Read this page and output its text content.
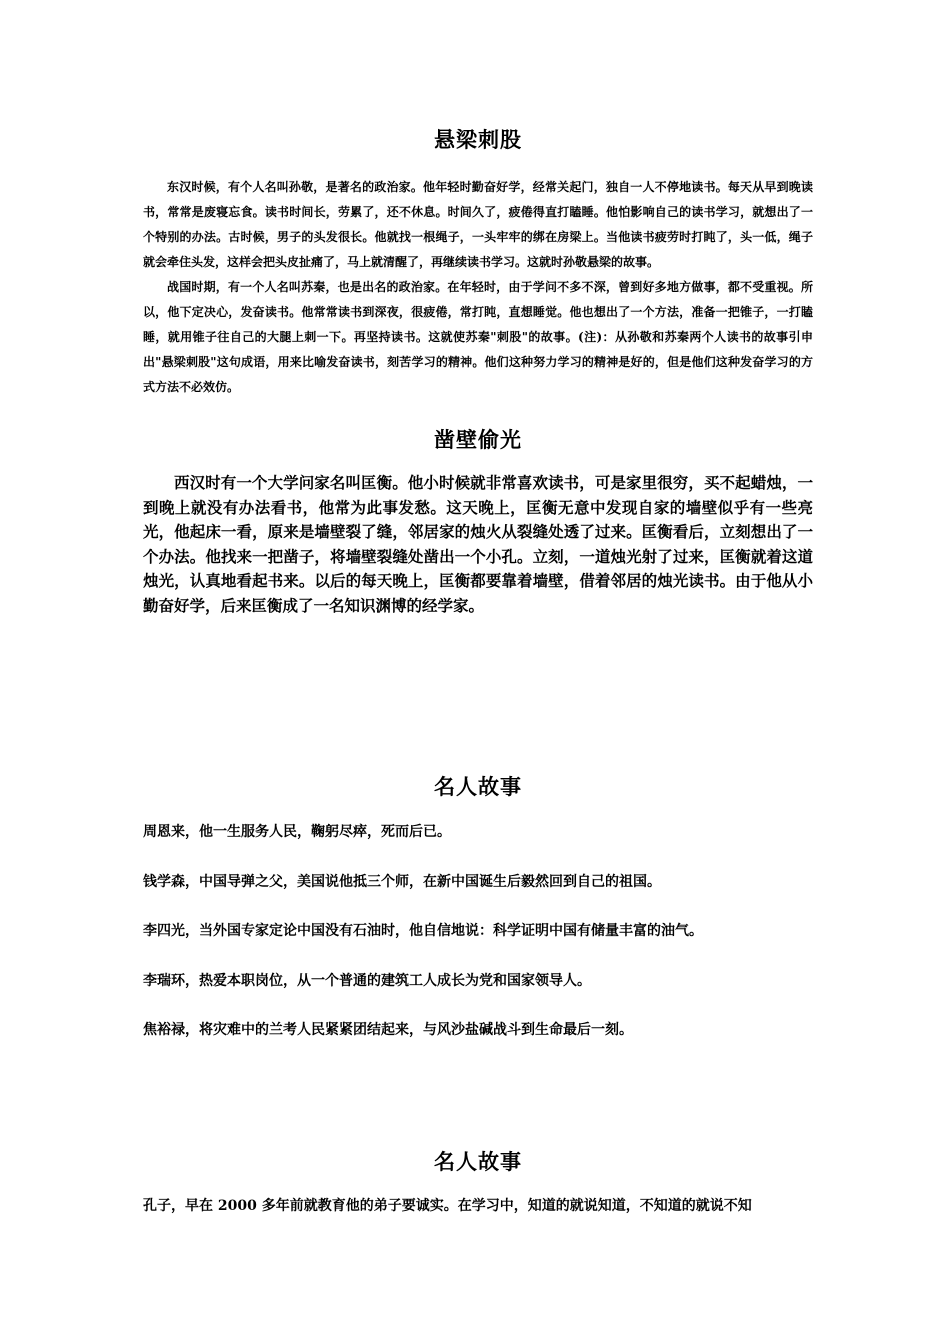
悬梁刺股

东汉时候，有个人名叫孙敬，是著名的政治家。他年轻时勤奋好学，经常关起门，独自一人不停地读书。每天从早到晚读书，常常是废寝忘食。读书时间长，劳累了，还不休息。时间久了，疲倦得直打瞌睡。他怕影响自己的读书学习，就想出了一个特别的办法。古时候，男子的头发很长。他就找一根绳子，一头牢牢的绑在房梁上。当他读书疲劳时打盹了，头一低，绳子就会牵住头发，这样会把头皮扯痛了，马上就清醒了，再继续读书学习。这就时孙敬悬梁的故事。

战国时期，有一个人名叫苏秦，也是出名的政治家。在年轻时，由于学问不多不深，曾到好多地方做事，都不受重视。所以，他下定决心，发奋读书。他常常读书到深夜，很疲倦，常打盹，直想睡觉。他也想出了一个方法，准备一把锥子，一打瞌睡，就用锥子往自己的大腿上刺一下。再坚持读书。这就使苏秦"刺股"的故事。(注)：从孙敬和苏秦两个人读书的故事引申出"悬梁刺股"这句成语，用来比喻发奋读书，刻苦学习的精神。他们这种努力学习的精神是好的，但是他们这种发奋学习的方式方法不必效仿。

凿壁偷光

西汉时有一个大学问家名叫匡衡。他小时候就非常喜欢读书，可是家里很穷，买不起蜡烛，一到晚上就没有办法看书，他常为此事发愁。这天晚上，匡衡无意中发现自家的墙壁似乎有一些亮光，他起床一看，原来是墙壁裂了缝，邻居家的烛火从裂缝处透了过来。匡衡看后，立刻想出了一个办法。他找来一把凿子，将墙壁裂缝处凿出一个小孔。立刻，一道烛光射了过来，匡衡就着这道烛光，认真地看起书来。以后的每天晚上，匡衡都要靠着墙壁，借着邻居的烛光读书。由于他从小勤奋好学，后来匡衡成了一名知识渊博的经学家。

名人故事

周恩来，他一生服务人民，鞠躬尽瘁，死而后已。

钱学森，中国导弹之父，美国说他抵三个师，在新中国诞生后毅然回到自己的祖国。

李四光，当外国专家定论中国没有石油时，他自信地说：科学证明中国有储量丰富的油气。

李瑞环，热爱本职岗位，从一个普通的建筑工人成长为党和国家领导人。

焦裕禄，将灾难中的兰考人民紧紧团结起来，与风沙盐碱战斗到生命最后一刻。

名人故事

孔子，早在 2000 多年前就教育他的弟子要诚实。在学习中，知道的就说知道，不知道的就说不知
